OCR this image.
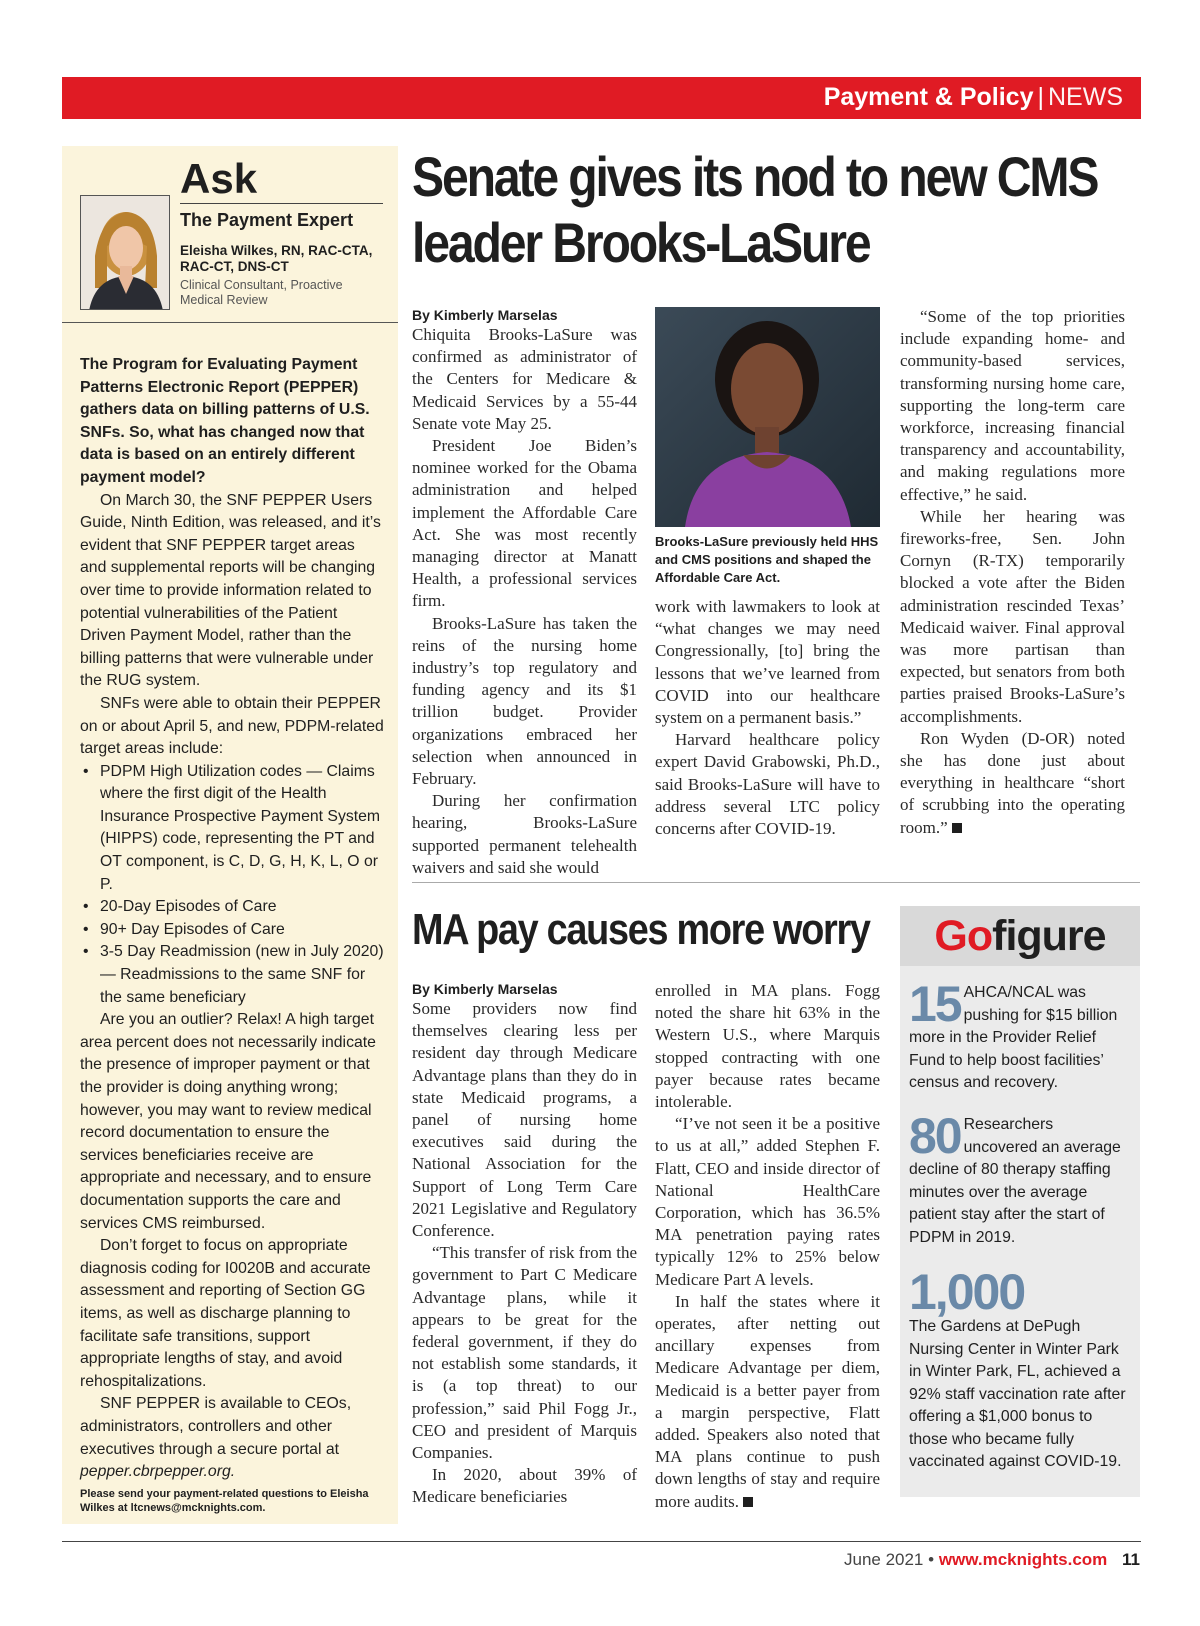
Payment & Policy | NEWS
Ask
The Payment Expert
Eleisha Wilkes, RN, RAC-CTA, RAC-CT, DNS-CT
Clinical Consultant, Proactive Medical Review

The Program for Evaluating Payment Patterns Electronic Report (PEPPER) gathers data on billing patterns of U.S. SNFs. So, what has changed now that data is based on an entirely different payment model?

On March 30, the SNF PEPPER Users Guide, Ninth Edition, was released, and it’s evident that SNF PEPPER target areas and supplemental reports will be changing over time to provide information related to potential vulnerabilities of the Patient Driven Payment Model, rather than the billing patterns that were vulnerable under the RUG system.

SNFs were able to obtain their PEPPER on or about April 5, and new, PDPM-related target areas include:

• PDPM High Utilization codes — Claims where the first digit of the Health Insurance Prospective Payment System (HIPPS) code, representing the PT and OT component, is C, D, G, H, K, L, O or P.
• 20-Day Episodes of Care
• 90+ Day Episodes of Care
• 3-5 Day Readmission (new in July 2020) — Readmissions to the same SNF for the same beneficiary

Are you an outlier? Relax! A high target area percent does not necessarily indicate the presence of improper payment or that the provider is doing anything wrong; however, you may want to review medical record documentation to ensure the services beneficiaries receive are appropriate and necessary, and to ensure documentation supports the care and services CMS reimbursed.

Don’t forget to focus on appropriate diagnosis coding for I0020B and accurate assessment and reporting of Section GG items, as well as discharge planning to facilitate safe transitions, support appropriate lengths of stay, and avoid rehospitalizations.

SNF PEPPER is available to CEOs, administrators, controllers and other executives through a secure portal at pepper.cbrpepper.org.

Please send your payment-related questions to Eleisha Wilkes at ltcnews@mcknights.com.

Senate gives its nod to new CMS leader Brooks-LaSure

By Kimberly Marselas

Chiquita Brooks-LaSure was confirmed as administrator of the Centers for Medicare & Medicaid Services by a 55-44 Senate vote May 25.

President Joe Biden’s nominee worked for the Obama administration and helped implement the Affordable Care Act. She was most recently managing director at Manatt Health, a professional services firm.

Brooks-LaSure has taken the reins of the nursing home industry’s top regulatory and funding agency and its $1 trillion budget. Provider organizations embraced her selection when announced in February.

During her confirmation hearing, Brooks-LaSure supported permanent telehealth waivers and said she would

Brooks-LaSure previously held HHS and CMS positions and shaped the Affordable Care Act.

work with lawmakers to look at “what changes we may need Congressionally, [to] bring the lessons that we’ve learned from COVID into our healthcare system on a permanent basis.”

Harvard healthcare policy expert David Grabowski, Ph.D., said Brooks-LaSure will have to address several LTC policy concerns after COVID-19.

“Some of the top priorities include expanding home- and community-based services, transforming nursing home care, supporting the long-term care workforce, increasing financial transparency and accountability, and making regulations more effective,” he said.

While her hearing was fireworks-free, Sen. John Cornyn (R-TX) temporarily blocked a vote after the Biden administration rescinded Texas’ Medicaid waiver. Final approval was more partisan than expected, but senators from both parties praised Brooks-LaSure’s accomplishments.

Ron Wyden (D-OR) noted she has done just about everything in healthcare “short of scrubbing into the operating room.”

MA pay causes more worry

By Kimberly Marselas

Some providers now find themselves clearing less per resident day through Medicare Advantage plans than they do in state Medicaid programs, a panel of nursing home executives said during the National Association for the Support of Long Term Care 2021 Legislative and Regulatory Conference.

“This transfer of risk from the government to Part C Medicare Advantage plans, while it appears to be great for the federal government, if they do not establish some standards, it is (a top threat) to our profession,” said Phil Fogg Jr., CEO and president of Marquis Companies.

In 2020, about 39% of Medicare beneficiaries

enrolled in MA plans. Fogg noted the share hit 63% in the Western U.S., where Marquis stopped contracting with one payer because rates became intolerable.

“I’ve not seen it be a positive to us at all,” added Stephen F. Flatt, CEO and inside director of National HealthCare Corporation, which has 36.5% MA penetration paying rates typically 12% to 25% below Medicare Part A levels.

In half the states where it operates, after netting out ancillary expenses from Medicare Advantage per diem, Medicaid is a better payer from a margin perspective, Flatt added. Speakers also noted that MA plans continue to push down lengths of stay and require more audits.

Gofigure
15 AHCA/NCAL was pushing for $15 billion more in the Provider Relief Fund to help boost facilities’ census and recovery.
80 Researchers uncovered an average decline of 80 therapy staffing minutes over the average patient stay after the start of PDPM in 2019.
1,000
The Gardens at DePugh Nursing Center in Winter Park in Winter Park, FL, achieved a 92% staff vaccination rate after offering a $1,000 bonus to those who became fully vaccinated against COVID-19.
June 2021 • www.mcknights.com 11
